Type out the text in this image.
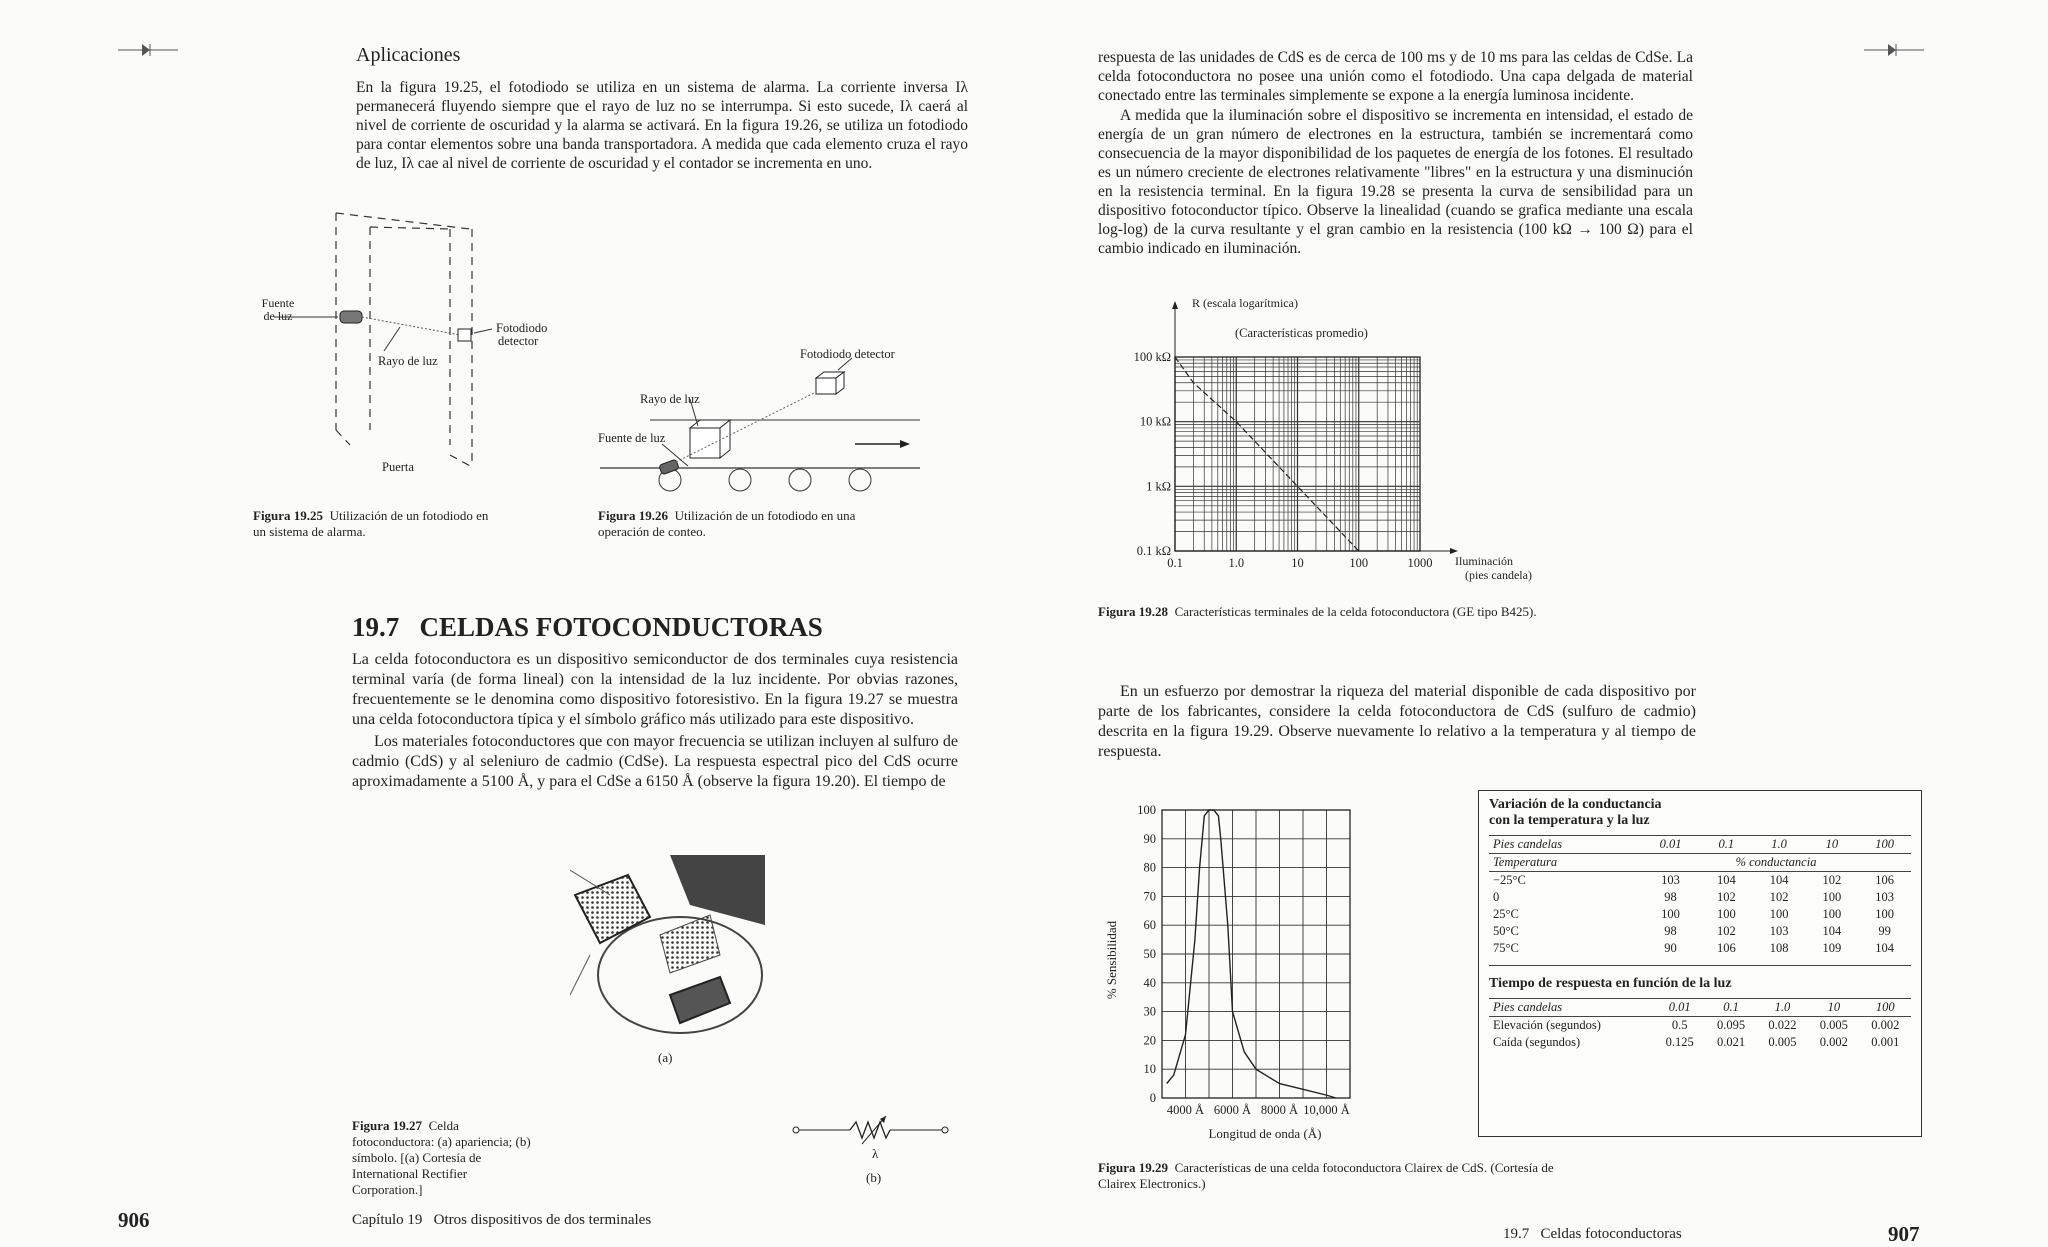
Aplicaciones
En la figura 19.25, el fotodiodo se utiliza en un sistema de alarma. La corriente inversa Iλ permanecerá fluyendo siempre que el rayo de luz no se interrumpa. Si esto sucede, Iλ caerá al nivel de corriente de oscuridad y la alarma se activará. En la figura 19.26, se utiliza un fotodiodo para contar elementos sobre una banda transportadora. A medida que cada elemento cruza el rayo de luz, Iλ cae al nivel de corriente de oscuridad y el contador se incrementa en uno.
Fuente
de luz
Rayo de luz
Fotodiodo
detector
Puerta
Figura 19.25 Utilización de un fotodiodo en un sistema de alarma.
Fotodiodo detector
Rayo de luz
Fuente de luz
Figura 19.26 Utilización de un fotodiodo en una operación de conteo.
19.7 CELDAS FOTOCONDUCTORAS
La celda fotoconductora es un dispositivo semiconductor de dos terminales cuya resistencia terminal varía (de forma lineal) con la intensidad de la luz incidente. Por obvias razones, frecuentemente se le denomina como dispositivo fotoresistivo. En la figura 19.27 se muestra una celda fotoconductora típica y el símbolo gráfico más utilizado para este dispositivo.
Los materiales fotoconductores que con mayor frecuencia se utilizan incluyen al sulfuro de cadmio (CdS) y al seleniuro de cadmio (CdSe). La respuesta espectral pico del CdS ocurre aproximadamente a 5100 Å, y para el CdSe a 6150 Å (observe la figura 19.20). El tiempo de
(a)
λ
(b)
Figura 19.27 Celda fotoconductora: (a) apariencia; (b) símbolo. [(a) Cortesía de International Rectifier Corporation.]
906	Capítulo 19   Otros dispositivos de dos terminales
respuesta de las unidades de CdS es de cerca de 100 ms y de 10 ms para las celdas de CdSe. La celda fotoconductora no posee una unión como el fotodiodo. Una capa delgada de material conectado entre las terminales simplemente se expone a la energía luminosa incidente.
A medida que la iluminación sobre el dispositivo se incrementa en intensidad, el estado de energía de un gran número de electrones en la estructura, también se incrementará como consecuencia de la mayor disponibilidad de los paquetes de energía de los fotones. El resultado es un número creciente de electrones relativamente "libres" en la estructura y una disminución en la resistencia terminal. En la figura 19.28 se presenta la curva de sensibilidad para un dispositivo fotoconductor típico. Observe la linealidad (cuando se grafica mediante una escala log-log) de la curva resultante y el gran cambio en la resistencia (100 kΩ → 100 Ω) para el cambio indicado en iluminación.
0.1	1.0	10	100	1000
0.1 kΩ
1 kΩ
10 kΩ
100 kΩ
R (escala logarítmica)
(Características promedio)
Iluminación
(pies candela)
Figura 19.28 Características terminales de la celda fotoconductora (GE tipo B425).
En un esfuerzo por demostrar la riqueza del material disponible de cada dispositivo por parte de los fabricantes, considere la celda fotoconductora de CdS (sulfuro de cadmio) descrita en la figura 19.29. Observe nuevamente lo relativo a la temperatura y al tiempo de respuesta.
0
10
20
30
40
50
60
70
80
90
100
4000 Å 6000 Å 8000 Å 10,000 Å
% Sensibilidad
Longitud de onda (Å)
Variación de la conductancia
con la temperatura y la luz
Pies candelas	0.01	0.1	1.0	10	100
Temperatura	% conductancia				
−25°C	103	104	104	102	106
0	98	102	102	100	103
25°C	100	100	100	100	100
50°C	98	102	103	104	99
75°C	90	106	108	109	104
Tiempo de respuesta en función de la luz
Pies candelas	0.01	0.1	1.0	10	100
Elevación (segundos)	0.5	0.095	0.022	0.005	0.002
Caída (segundos)	0.125	0.021	0.005	0.002	0.001
Figura 19.29 Características de una celda fotoconductora Clairex de CdS. (Cortesía de Clairex Electronics.)
19.7   Celdas fotoconductoras	907
